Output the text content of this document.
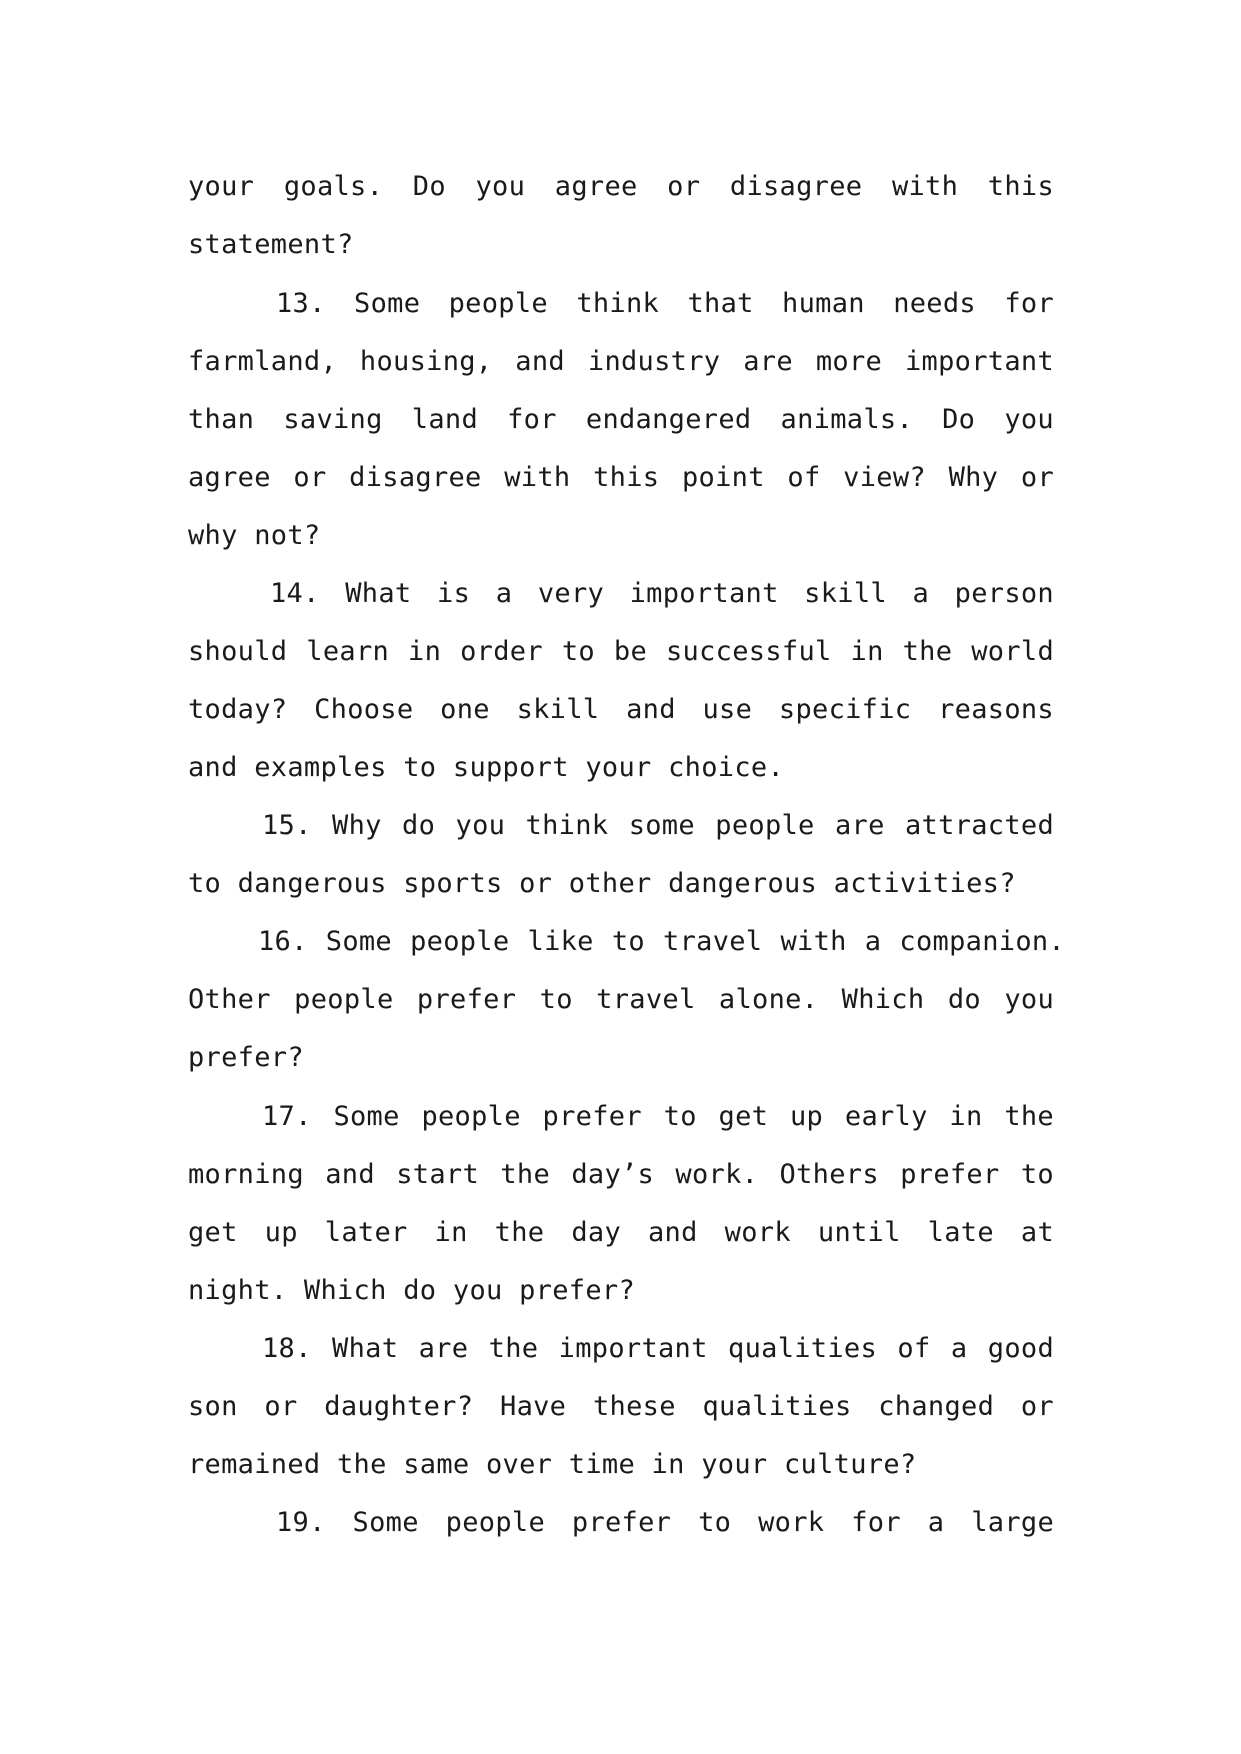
your goals. Do you agree or disagree with this
statement?
13. Some people think that human needs for
farmland, housing, and industry are more important
than saving land for endangered animals. Do you
agree or disagree with this point of view? Why or
why not?
14. What is a very important skill a person
should learn in order to be successful in the world
today? Choose one skill and use specific reasons
and examples to support your choice.
15. Why do you think some people are attracted
to dangerous sports or other dangerous activities?
16. Some people like to travel with a companion.
Other people prefer to travel alone. Which do you
prefer?
17. Some people prefer to get up early in the
morning and start the day’s work. Others prefer to
get up later in the day and work until late at
night. Which do you prefer?
18. What are the important qualities of a good
son or daughter? Have these qualities changed or
remained the same over time in your culture?
19. Some people prefer to work for a large
